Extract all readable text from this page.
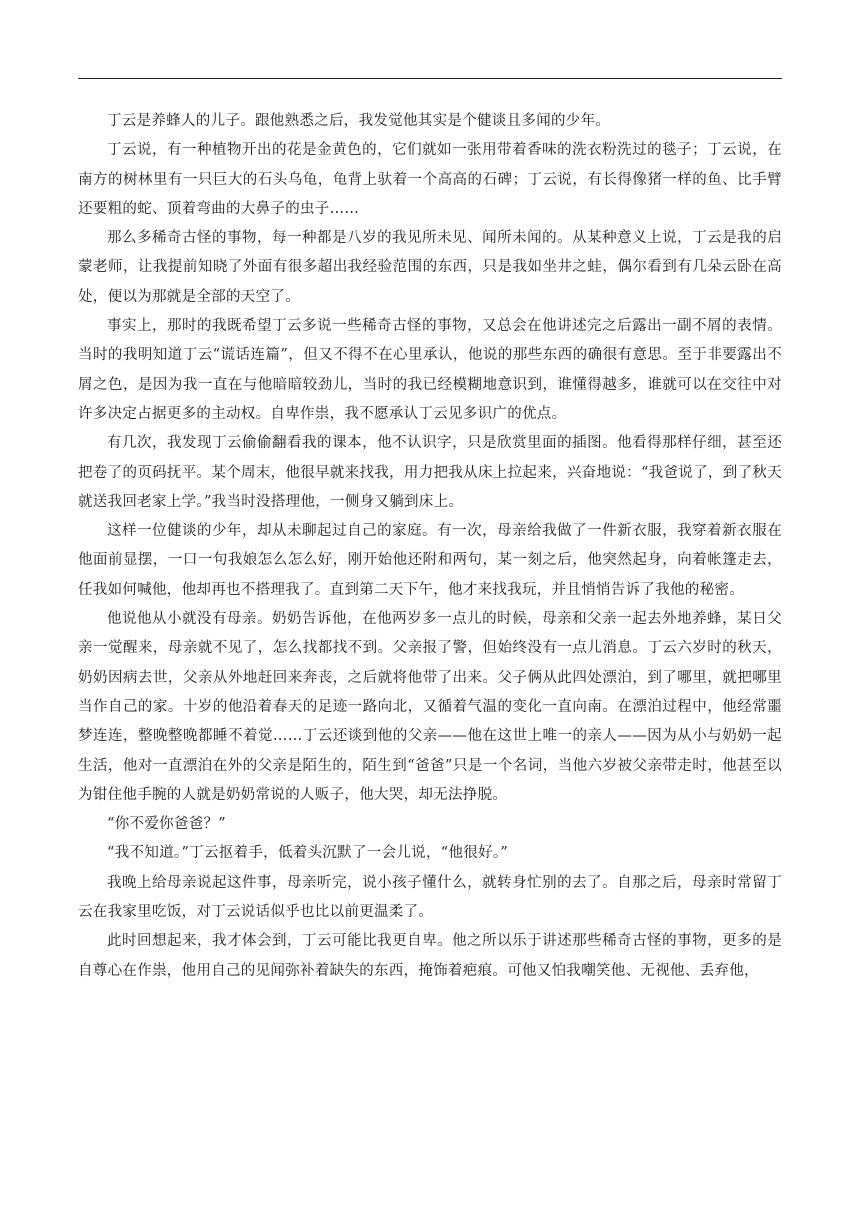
丁云是养蜂人的儿子。跟他熟悉之后，我发觉他其实是个健谈且多闻的少年。

丁云说，有一种植物开出的花是金黄色的，它们就如一张用带着香味的洗衣粉洗过的毯子；丁云说，在南方的树林里有一只巨大的石头乌龟，龟背上驮着一个高高的石碑；丁云说，有长得像猪一样的鱼、比手臂还要粗的蛇、顶着弯曲的大鼻子的虫子……

那么多稀奇古怪的事物，每一种都是八岁的我见所未见、闻所未闻的。从某种意义上说，丁云是我的启蒙老师，让我提前知晓了外面有很多超出我经验范围的东西，只是我如坐井之蛙，偶尔看到有几朵云卧在高处，便以为那就是全部的天空了。

事实上，那时的我既希望丁云多说一些稀奇古怪的事物，又总会在他讲述完之后露出一副不屑的表情。当时的我明知道丁云“谎话连篇”，但又不得不在心里承认，他说的那些东西的确很有意思。至于非要露出不屑之色，是因为我一直在与他暗暗较劲儿，当时的我已经模糊地意识到，谁懂得越多，谁就可以在交往中对许多决定占据更多的主动权。自卑作祟，我不愿承认丁云见多识广的优点。

有几次，我发现丁云偷偷翻看我的课本，他不认识字，只是欣赏里面的插图。他看得那样仔细，甚至还把卷了的页码抚平。某个周末，他很早就来找我，用力把我从床上拉起来，兴奋地说：“我爸说了，到了秋天就送我回老家上学。”我当时没搭理他，一侧身又躺到床上。

这样一位健谈的少年，却从未聊起过自己的家庭。有一次，母亲给我做了一件新衣服，我穿着新衣服在他面前显摆，一口一句我娘怎么怎么好，刚开始他还附和两句，某一刻之后，他突然起身，向着帐篷走去，任我如何喊他，他却再也不搭理我了。直到第二天下午，他才来找我玩，并且悄悄告诉了我他的秘密。

他说他从小就没有母亲。奶奶告诉他，在他两岁多一点儿的时候，母亲和父亲一起去外地养蜂，某日父亲一觉醒来，母亲就不见了，怎么找都找不到。父亲报了警，但始终没有一点儿消息。丁云六岁时的秋天，奶奶因病去世，父亲从外地赶回来奔丧，之后就将他带了出来。父子俩从此四处漂泊，到了哪里，就把哪里当作自己的家。十岁的他沿着春天的足迹一路向北，又循着气温的变化一直向南。在漂泊过程中，他经常噩梦连连，整晚整晚都睡不着觉……丁云还谈到他的父亲——他在这世上唯一的亲人——因为从小与奶奶一起生活，他对一直漂泊在外的父亲是陌生的，陌生到“爸爸”只是一个名词，当他六岁被父亲带走时，他甚至以为钳住他手腕的人就是奶奶常说的人贩子，他大哭，却无法挣脱。

“你不爱你爸爸？”

“我不知道。”丁云抠着手，低着头沉默了一会儿说，“他很好。”

我晚上给母亲说起这件事，母亲听完，说小孩子懂什么，就转身忙别的去了。自那之后，母亲时常留丁云在我家里吃饭，对丁云说话似乎也比以前更温柔了。

此时回想起来，我才体会到，丁云可能比我更自卑。他之所以乐于讲述那些稀奇古怪的事物，更多的是自尊心在作祟，他用自己的见闻弥补着缺失的东西，掩饰着疤痕。可他又怕我嘲笑他、无视他、丢弃他，
